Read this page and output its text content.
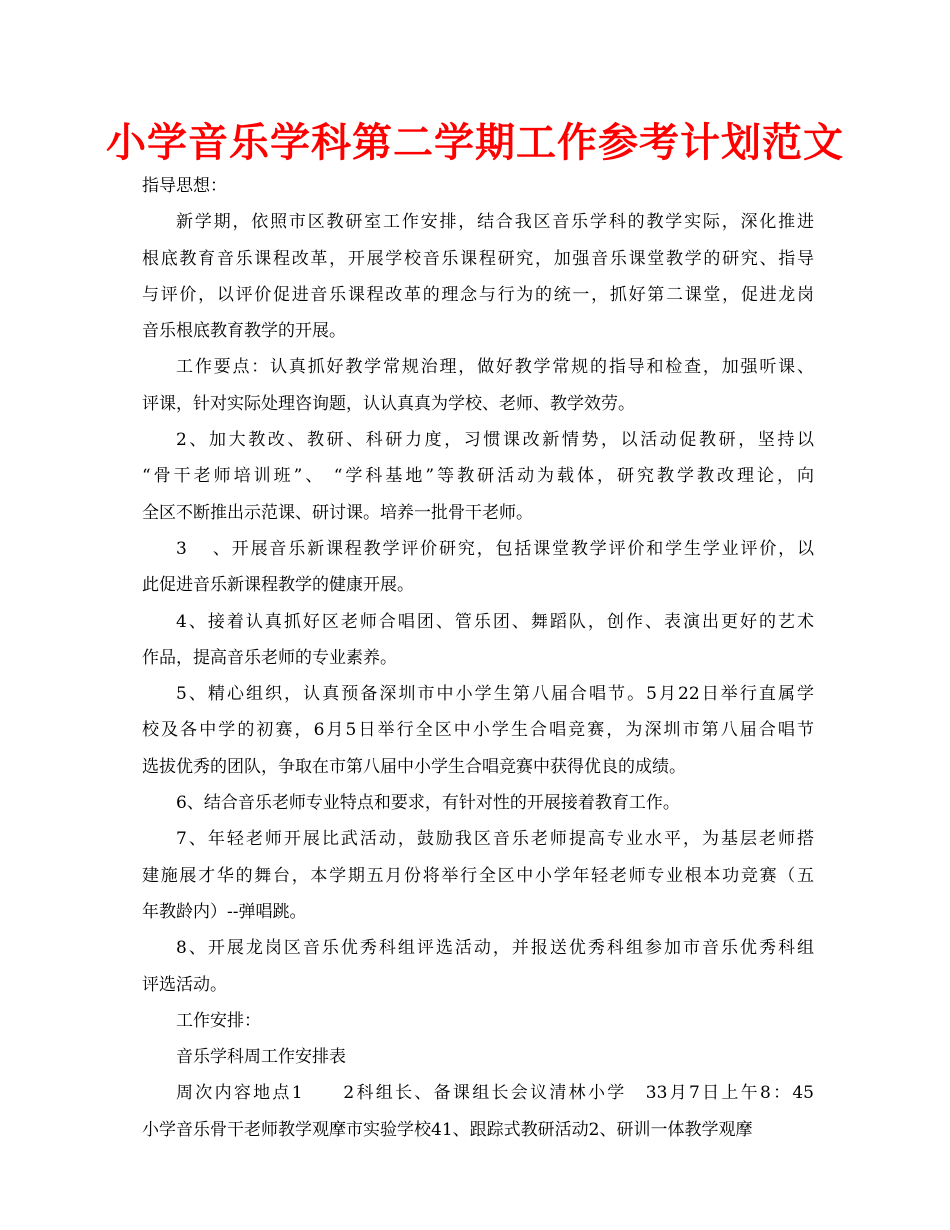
小学音乐学科第二学期工作参考计划范文

指导思想：

新学期，依照市区教研室工作安排，结合我区音乐学科的教学实际，深化推进
根底教育音乐课程改革，开展学校音乐课程研究，加强音乐课堂教学的研究、指导
与评价，以评价促进音乐课程改革的理念与行为的统一，抓好第二课堂，促进龙岗
音乐根底教育教学的开展。

工作要点：认真抓好教学常规治理，做好教学常规的指导和检查，加强听课、
评课，针对实际处理咨询题，认认真真为学校、老师、教学效劳。

2、加大教改、教研、科研力度，习惯课改新情势，以活动促教研，坚持以
“骨干老师培训班”、 “学科基地”等教研活动为载体，研究教学教改理论，向
全区不断推出示范课、研讨课。培养一批骨干老师。

3 　、开展音乐新课程教学评价研究，包括课堂教学评价和学生学业评价，以
此促进音乐新课程教学的健康开展。

4、接着认真抓好区老师合唱团、管乐团、舞蹈队，创作、表演出更好的艺术
作品，提高音乐老师的专业素养。

5、精心组织，认真预备深圳市中小学生第八届合唱节。5月22日举行直属学
校及各中学的初赛，6月5日举行全区中小学生合唱竞赛，为深圳市第八届合唱节
选拔优秀的团队，争取在市第八届中小学生合唱竞赛中获得优良的成绩。

6、结合音乐老师专业特点和要求，有针对性的开展接着教育工作。

7、年轻老师开展比武活动，鼓励我区音乐老师提高专业水平，为基层老师搭
建施展才华的舞台，本学期五月份将举行全区中小学年轻老师专业根本功竞赛（五
年教龄内）--弹唱跳。

8、开展龙岗区音乐优秀科组评选活动，并报送优秀科组参加市音乐优秀科组
评选活动。

工作安排：

音乐学科周工作安排表

周次内容地点1　　2科组长、备课组长会议清林小学　33月7日上午8：45
小学音乐骨干老师教学观摩市实验学校41、跟踪式教研活动2、研训一体教学观摩
